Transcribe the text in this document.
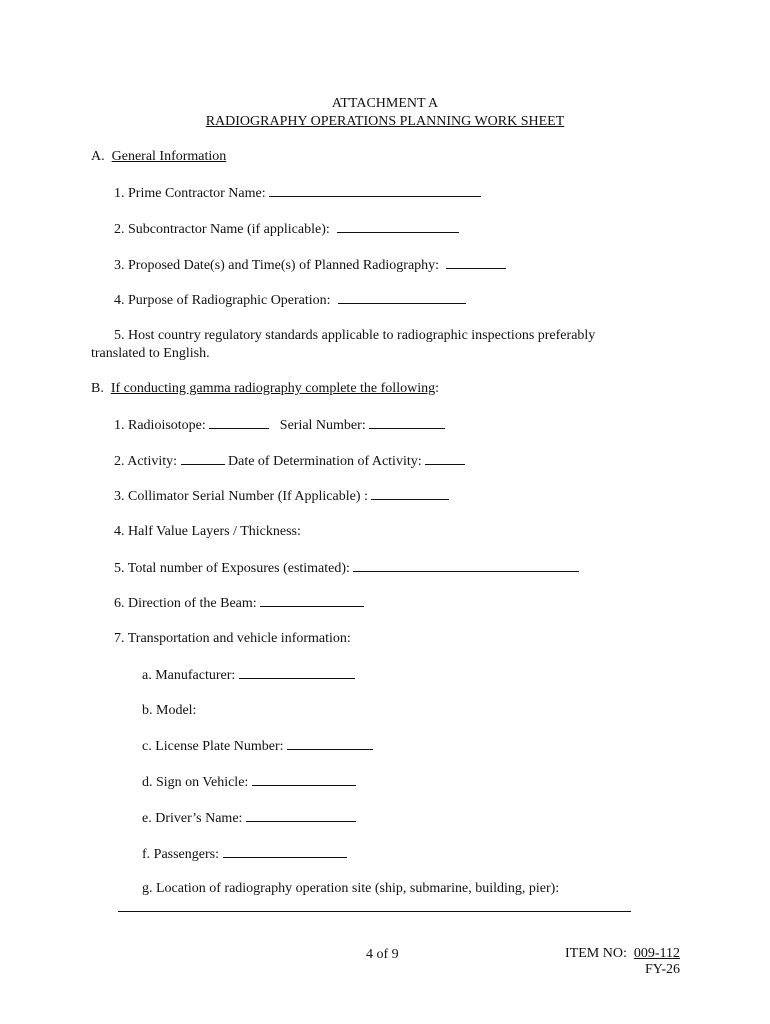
ATTACHMENT A
RADIOGRAPHY OPERATIONS PLANNING WORK SHEET
A. General Information
1. Prime Contractor Name:
2. Subcontractor Name (if applicable):
3. Proposed Date(s) and Time(s) of Planned Radiography:
4. Purpose of Radiographic Operation:
5. Host country regulatory standards applicable to radiographic inspections preferably
translated to English.
B. If conducting gamma radiography complete the following:
1. Radioisotope:	Serial Number:
2. Activity:	Date of Determination of Activity:
3. Collimator Serial Number (If Applicable) :
4. Half Value Layers / Thickness:
5. Total number of Exposures (estimated):
6. Direction of the Beam:
7. Transportation and vehicle information:
a. Manufacturer:
b. Model:
c. License Plate Number:
d. Sign on Vehicle:
e. Driver’s Name:
f. Passengers:
g. Location of radiography operation site (ship, submarine, building, pier):
4 of 9	ITEM NO: 009-112
FY-26
